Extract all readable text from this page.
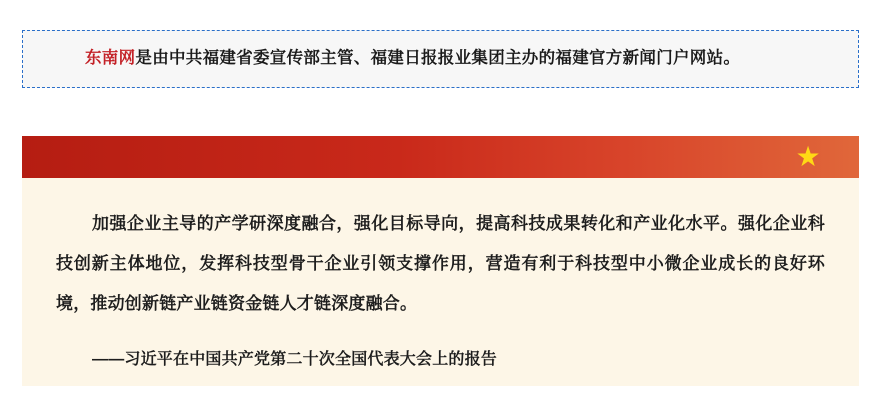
东南网是由中共福建省委宣传部主管、福建日报报业集团主办的福建官方新闻门户网站。
★

加强企业主导的产学研深度融合，强化目标导向，提高科技成果转化和产业化水平。强化企业科技创新主体地位，发挥科技型骨干企业引领支撑作用，营造有利于科技型中小微企业成长的良好环境，推动创新链产业链资金链人才链深度融合。

——习近平在中国共产党第二十次全国代表大会上的报告
